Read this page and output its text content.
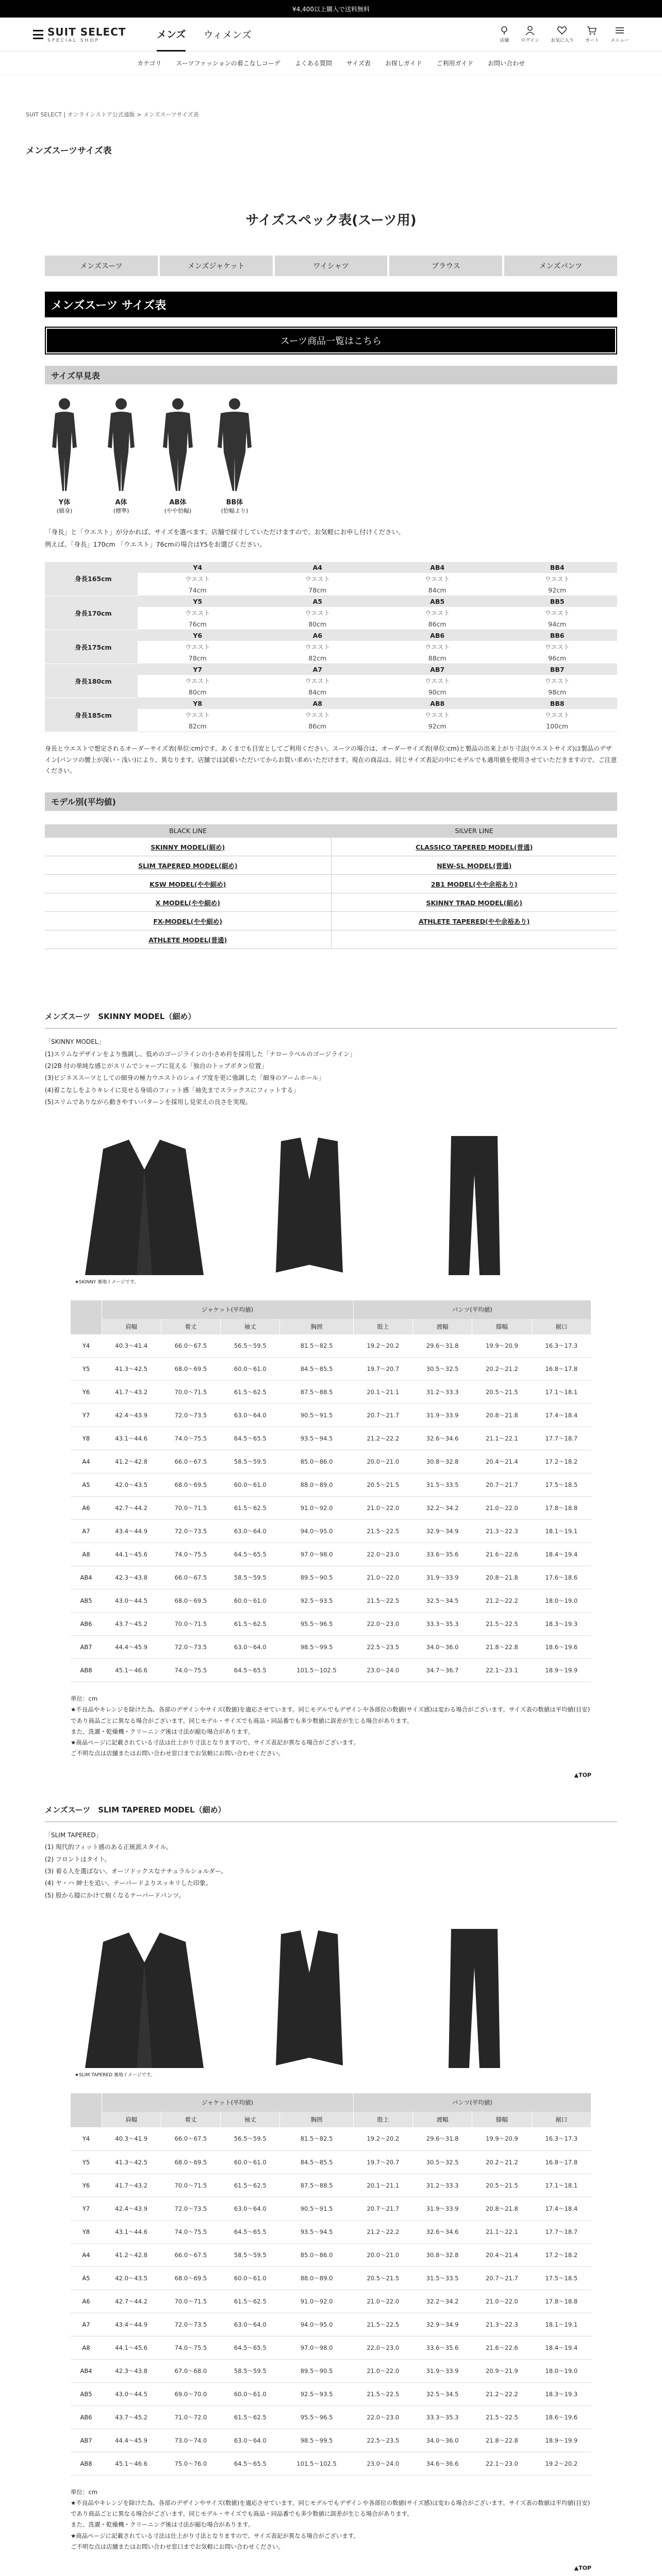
¥4,400以上購入で送料無料
SUIT SELECT
SPECIAL SHOP
メンズ ウィメンズ	店舗	ログイン お気に入り カート メニュー
カテゴリ スーツファッションの着こなしコーデ よくある質問 サイズ表 お探しガイド ご利用ガイド お問い合わせ
SUIT SELECT | オンラインストア公式通販 > メンズスーツサイズ表
メンズスーツサイズ表
サイズスペック表(スーツ用)
メンズスーツ	メンズジャケット	ワイシャツ	ブラウス	メンズパンツ
メンズスーツ サイズ表
スーツ商品一覧はこちら
サイズ早見表
Y体
(細身)
A体
(標準)
AB体
(やや恰幅)
BB体
(恰幅より)
「身長」と「ウエスト」が分かれば、サイズを選べます。店舗で採寸していただけますので、お気軽にお申し付けください。
例えば、「身長」170cm 「ウエスト」76cmの場合はY5をお選びください。
身長165cm	Y4	A4	AB4	BB4
	ウエスト	ウエスト	ウエスト	ウエスト
	74cm	78cm	84cm	92cm
身長170cm	Y5	A5	AB5	BB5
	ウエスト	ウエスト	ウエスト	ウエスト
	76cm	80cm	86cm	94cm
身長175cm	Y6	A6	AB6	BB6
	ウエスト	ウエスト	ウエスト	ウエスト
	78cm	82cm	88cm	96cm
身長180cm	Y7	A7	AB7	BB7
	ウエスト	ウエスト	ウエスト	ウエスト
	80cm	84cm	90cm	98cm
身長185cm	Y8	A8	AB8	BB8
	ウエスト	ウエスト	ウエスト	ウエスト
	82cm	86cm	92cm	100cm
身長とウエストで想定されるオーダーサイズ表(単位:cm)です。あくまでも目安としてご利用ください。スーツの場合は、オーダーサイズ表(単位:cm)と製品の出来上がり寸法(ウエストサイズ)は製品のデザイン(パンツの腰上が深い・浅い)により、異なります。店舗では試着いただいてからお買い求めいただけます。現在の商品は、同じサイズ表記の中にモデルでも適用値を使用させていただきますので、ご注意ください。
モデル別(平均値)
BLACK LINE	SILVER LINE
SKINNY MODEL(細め)	CLASSICO TAPERED MODEL(普通)
SLIM TAPERED MODEL(細め)	NEW-SL MODEL(普通)
KSW MODEL(やや細め)	2B1 MODEL(やや余裕あり)
X MODEL(やや細め)	SKINNY TRAD MODEL(細め)
FX-MODEL(やや細め)	ATHLETE TAPERED(やや余裕あり)
ATHLETE MODEL(普通)	
メンズスーツ　SKINNY MODEL（細め）
「SKINNY MODEL」
(1)スリムなデザインをより強調し、低めのゴージラインの小さめ衿を採用した「ナローラペルのゴージライン」
(2)2B 付の単純な感じがスリムでシャープに見える「独自のトップボタン位置」
(3)ビジネススーツとしての細身の極力ウエストのシェイプ度を更に強調した「細身のアームホール」
(4)着こなしをよりキレイに見せる身頃のフィット感「袖先までスラックスにフィットする」
(5)スリムでありながら動きやすいパターンを採用し見栄えの良さを実現。
★SKINNY 裏地イメージです。
	ジャケット(平均値)				パンツ(平均値)			
	肩幅	着丈	袖丈	胸囲	股上	渡幅	膝幅	裾口
Y4	40.3〜41.4	66.0〜67.5	56.5〜59.5	81.5〜82.5	19.2〜20.2	29.6〜31.8	19.9〜20.9	16.3〜17.3
Y5	41.3〜42.5	68.0〜69.5	60.0〜61.0	84.5〜85.5	19.7〜20.7	30.5〜32.5	20.2〜21.2	16.8〜17.8
Y6	41.7〜43.2	70.0〜71.5	61.5〜62.5	87.5〜88.5	20.1〜21.1	31.2〜33.3	20.5〜21.5	17.1〜18.1
Y7	42.4〜43.9	72.0〜73.5	63.0〜64.0	90.5〜91.5	20.7〜21.7	31.9〜33.9	20.8〜21.8	17.4〜18.4
Y8	43.1〜44.6	74.0〜75.5	64.5〜65.5	93.5〜94.5	21.2〜22.2	32.6〜34.6	21.1〜22.1	17.7〜18.7
A4	41.2〜42.8	66.0〜67.5	58.5〜59.5	85.0〜86.0	20.0〜21.0	30.8〜32.8	20.4〜21.4	17.2〜18.2
A5	42.0〜43.5	68.0〜69.5	60.0〜61.0	88.0〜89.0	20.5〜21.5	31.5〜33.5	20.7〜21.7	17.5〜18.5
A6	42.7〜44.2	70.0〜71.5	61.5〜62.5	91.0〜92.0	21.0〜22.0	32.2〜34.2	21.0〜22.0	17.8〜18.8
A7	43.4〜44.9	72.0〜73.5	63.0〜64.0	94.0〜95.0	21.5〜22.5	32.9〜34.9	21.3〜22.3	18.1〜19.1
A8	44.1〜45.6	74.0〜75.5	64.5〜65.5	97.0〜98.0	22.0〜23.0	33.6〜35.6	21.6〜22.6	18.4〜19.4
AB4	42.3〜43.8	66.0〜67.5	58.5〜59.5	89.5〜90.5	21.0〜22.0	31.9〜33.9	20.8〜21.8	17.6〜18.6
AB5	43.0〜44.5	68.0〜69.5	60.0〜61.0	92.5〜93.5	21.5〜22.5	32.5〜34.5	21.2〜22.2	18.0〜19.0
AB6	43.7〜45.2	70.0〜71.5	61.5〜62.5	95.5〜96.5	22.0〜23.0	33.3〜35.3	21.5〜22.5	18.3〜19.3
AB7	44.4〜45.9	72.0〜73.5	63.0〜64.0	98.5〜99.5	22.5〜23.5	34.0〜36.0	21.8〜22.8	18.6〜19.6
AB8	45.1〜46.6	74.0〜75.5	64.5〜65.5	101.5〜102.5	23.0〜24.0	34.7〜36.7	22.1〜23.1	18.9〜19.9
単位：cm
★不良品やキレンジを除けた為、各部のデザインやサイズ(数値)を適応させています。同じモデルでもデザインや各部位の数値(サイズ感)は変わる場合がございます。サイズ表の数値は平均値(目安)であり商品ごとに異なる場合がございます。同じモデル・サイズでも商品・同品番でも多少数値に誤差が生じる場合があります。
また、洗濯・乾燥機・クリーニング後は寸法が縮む場合があります。
★商品ページに記載されている寸法は仕上がり寸法となりますので、サイズ表記が異なる場合がございます。
ご不明な点は店舗またはお問い合わせ窓口までお気軽にお問い合わせください。
▲TOP
メンズスーツ　SLIM TAPERED MODEL（細め）
「SLIM TAPERED」
(1) 現代的フィット感のある正統派スタイル。
(2) フロントはタイト。
(3) 着る人を選ばない、オーソドックスなナチュラルショルダー。
(4) ヤ・ハ 紳士を追い、テーパードよりスッキリした印象。
(5) 股から膝にかけて細くなるテーパードパンツ。
★SLIM TAPERED 裏地イメージです。
	ジャケット(平均値)				パンツ(平均値)			
	肩幅	着丈	袖丈	胸囲	股上	渡幅	膝幅	裾口
Y4	40.3〜41.9	66.0〜67.5	56.5〜59.5	81.5〜82.5	19.2〜20.2	29.6〜31.8	19.9〜20.9	16.3〜17.3
Y5	41.3〜42.5	68.0〜69.5	60.0〜61.0	84.5〜85.5	19.7〜20.7	30.5〜32.5	20.2〜21.2	16.8〜17.8
Y6	41.7〜43.2	70.0〜71.5	61.5〜62.5	87.5〜88.5	20.1〜21.1	31.2〜33.3	20.5〜21.5	17.1〜18.1
Y7	42.4〜43.9	72.0〜73.5	63.0〜64.0	90.5〜91.5	20.7〜21.7	31.9〜33.9	20.8〜21.8	17.4〜18.4
Y8	43.1〜44.6	74.0〜75.5	64.5〜65.5	93.5〜94.5	21.2〜22.2	32.6〜34.6	21.1〜22.1	17.7〜18.7
A4	41.2〜42.8	66.0〜67.5	58.5〜59.5	85.0〜86.0	20.0〜21.0	30.8〜32.8	20.4〜21.4	17.2〜18.2
A5	42.0〜43.5	68.0〜69.5	60.0〜61.0	88.0〜89.0	20.5〜21.5	31.5〜33.5	20.7〜21.7	17.5〜18.5
A6	42.7〜44.2	70.0〜71.5	61.5〜62.5	91.0〜92.0	21.0〜22.0	32.2〜34.2	21.0〜22.0	17.8〜18.8
A7	43.4〜44.9	72.0〜73.5	63.0〜64.0	94.0〜95.0	21.5〜22.5	32.9〜34.9	21.3〜22.3	18.1〜19.1
A8	44.1〜45.6	74.0〜75.5	64.5〜65.5	97.0〜98.0	22.0〜23.0	33.6〜35.6	21.6〜22.6	18.4〜19.4
AB4	42.3〜43.8	67.0〜68.0	58.5〜59.5	89.5〜90.5	21.0〜22.0	31.9〜33.9	20.9〜21.9	18.0〜19.0
AB5	43.0〜44.5	69.0〜70.0	60.0〜61.0	92.5〜93.5	21.5〜22.5	32.5〜34.5	21.2〜22.2	18.3〜19.3
AB6	43.7〜45.2	71.0〜72.0	61.5〜62.5	95.5〜96.5	22.0〜23.0	33.3〜35.3	21.5〜22.5	18.6〜19.6
AB7	44.4〜45.9	73.0〜74.0	63.0〜64.0	98.5〜99.5	22.5〜23.5	34.0〜36.0	21.8〜22.8	18.9〜19.9
AB8	45.1〜46.6	75.0〜76.0	64.5〜65.5	101.5〜102.5	23.0〜24.0	34.6〜36.6	22.1〜23.0	19.2〜20.2
単位：cm
★不良品やキレンジを除けた為、各部のデザインやサイズ(数値)を適応させています。同じモデルでもデザインや各部位の数値(サイズ感)は変わる場合がございます。サイズ表の数値は平均値(目安)であり商品ごとに異なる場合がございます。同じモデル・サイズでも商品・同品番でも多少数値に誤差が生じる場合があります。
また、洗濯・乾燥機・クリーニング後は寸法が縮む場合があります。
★商品ページに記載されている寸法は仕上がり寸法となりますので、サイズ表記が異なる場合がございます。
ご不明な点は店舗またはお問い合わせ窓口までお気軽にお問い合わせください。
▲TOP
